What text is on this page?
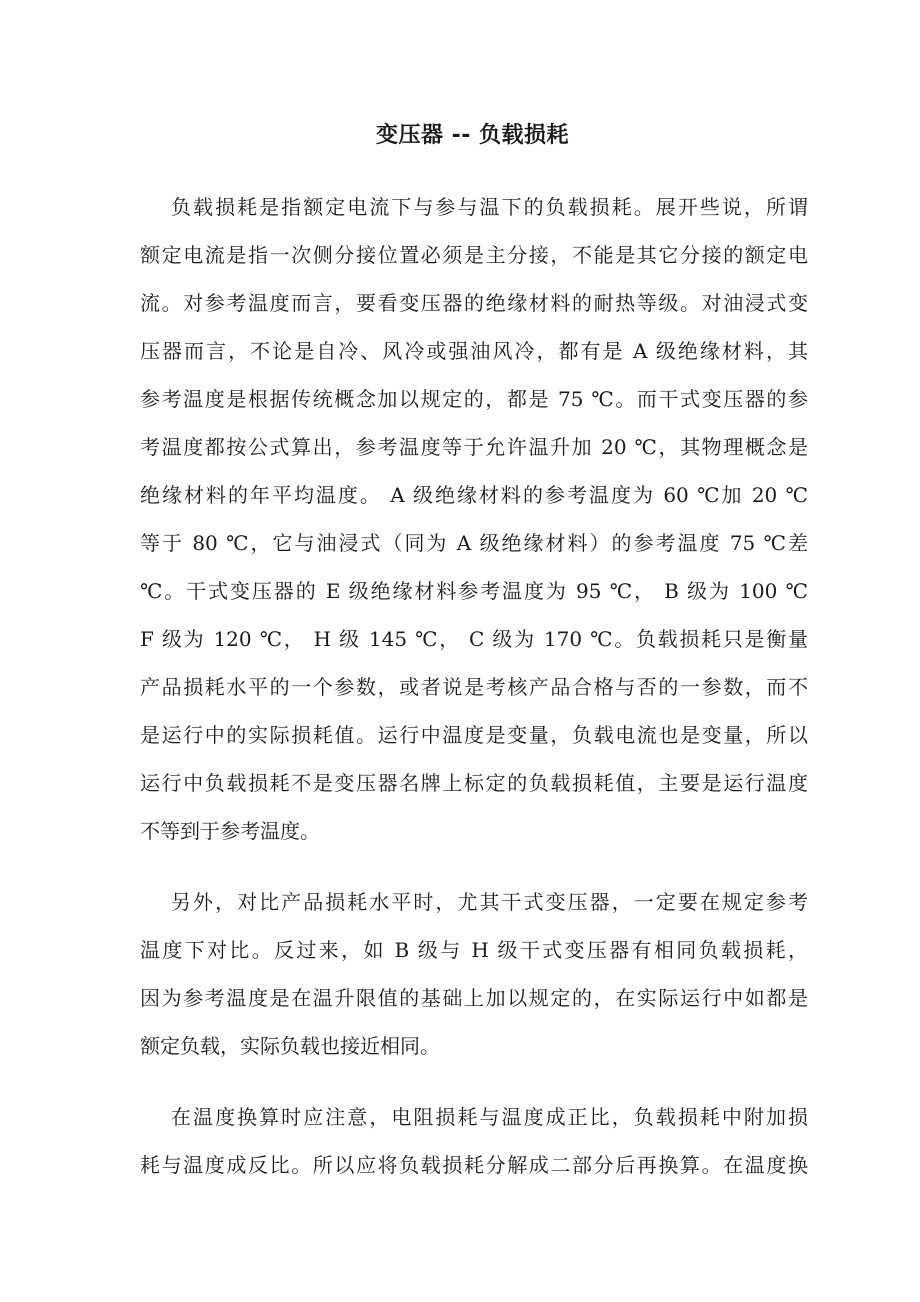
变压器 -- 负载损耗
负载损耗是指额定电流下与参与温下的负载损耗。展开些说，所谓
额定电流是指一次侧分接位置必须是主分接，不能是其它分接的额定电
流。对参考温度而言，要看变压器的绝缘材料的耐热等级。对油浸式变
压器而言，不论是自冷、风冷或强油风冷，都有是 A 级绝缘材料，其
参考温度是根据传统概念加以规定的，都是 75 ℃。而干式变压器的参
考温度都按公式算出，参考温度等于允许温升加 20 ℃，其物理概念是
绝缘材料的年平均温度。 A 级绝缘材料的参考温度为 60 ℃加 20 ℃
等于 80 ℃，它与油浸式（同为 A 级绝缘材料）的参考温度 75 ℃差
℃。干式变压器的 E 级绝缘材料参考温度为 95 ℃， B 级为 100 ℃
F 级为 120 ℃， H 级 145 ℃， C 级为 170 ℃。负载损耗只是衡量
产品损耗水平的一个参数，或者说是考核产品合格与否的一参数，而不
是运行中的实际损耗值。运行中温度是变量，负载电流也是变量，所以
运行中负载损耗不是变压器名牌上标定的负载损耗值，主要是运行温度
不等到于参考温度。
另外，对比产品损耗水平时，尤其干式变压器，一定要在规定参考
温度下对比。反过来，如 B 级与 H 级干式变压器有相同负载损耗，
因为参考温度是在温升限值的基础上加以规定的，在实际运行中如都是
额定负载，实际负载也接近相同。
在温度换算时应注意，电阻损耗与温度成正比，负载损耗中附加损
耗与温度成反比。所以应将负载损耗分解成二部分后再换算。在温度换
